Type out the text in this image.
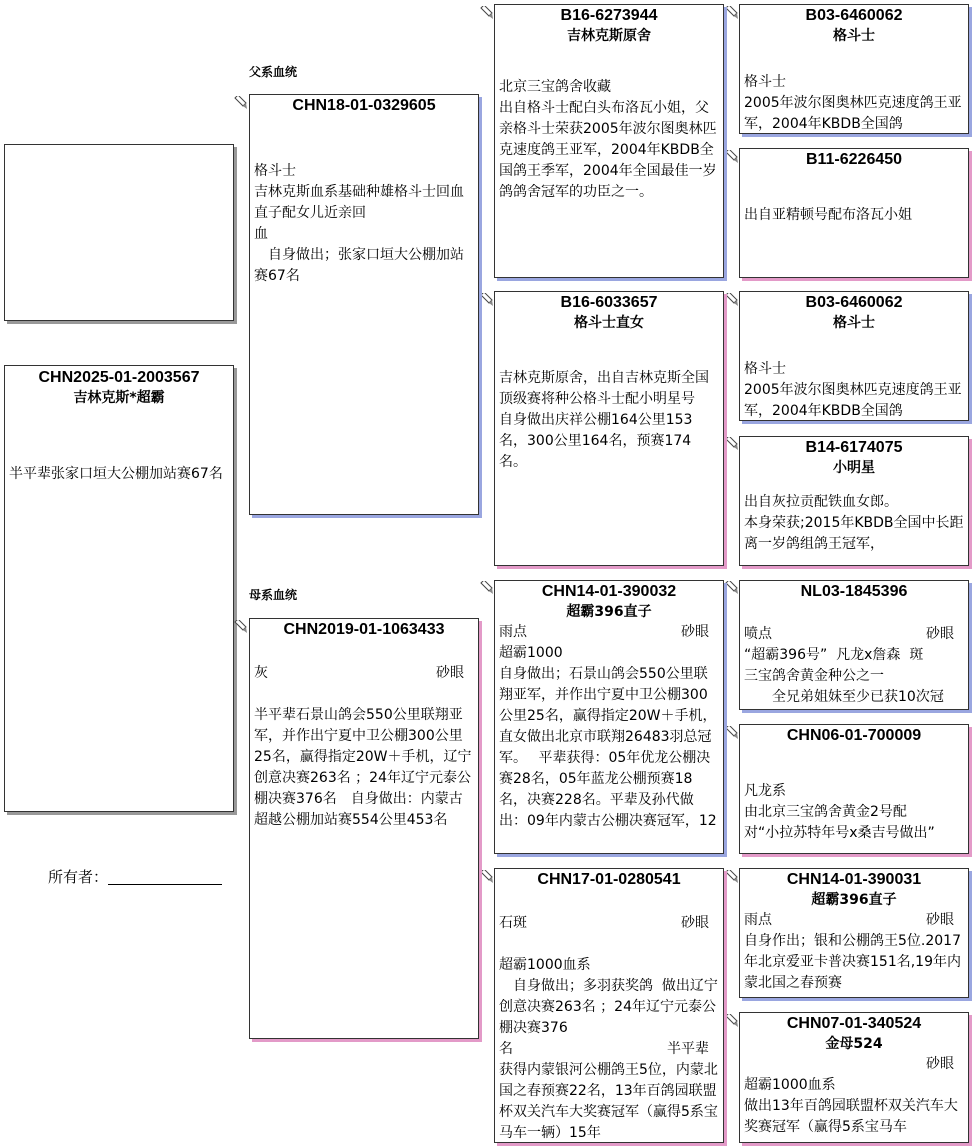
CHN2025-01-2003567
吉林克斯*超霸
半平辈张家口垣大公棚加站赛67名
所有者：
父系血统
母系血统
CHN18-01-0329605
格斗士
吉林克斯血系基础种雄格斗士回血直子配女儿近亲回
血
　自身做出；张家口垣大公棚加站赛67名
CHN2019-01-1063433
灰	砂眼
半平辈石景山鸽会550公里联翔亚军，并作出宁夏中卫公棚300公里25名，赢得指定20W＋手机，辽宁创意决赛263名 ；24年辽宁元泰公棚决赛376名　自身做出：内蒙古超越公棚加站赛554公里453名
B16-6273944
吉林克斯原舍
北京三宝鸽舍收藏
出自格斗士配白头布洛瓦小姐，父亲格斗士荣获2005年波尔图奥林匹克速度鸽王亚军，2004年KBDB全国鸽王季军，2004年全国最佳一岁鸽鸽舍冠军的功臣之一。
B16-6033657
格斗士直女
吉林克斯原舍，出自吉林克斯全国顶级赛将种公格斗士配小明星号
自身做出庆祥公棚164公里153名，300公里164名，预赛174名。
CHN14-01-390032
超霸396直子
雨点	砂眼
超霸1000
自身做出；石景山鸽会550公里联翔亚军，并作出宁夏中卫公棚300公里25名，赢得指定20W＋手机，直女做出北京市联翔26483羽总冠军。　 平辈获得：05年优龙公棚决赛28名，05年蓝龙公棚预赛18名，决赛228名。平辈及孙代做出：09年内蒙古公棚决赛冠军，12
CHN17-01-0280541
石斑	砂眼
超霸1000血系
　自身做出；多羽获奖鸽  做出辽宁创意决赛263名 ；24年辽宁元泰公棚决赛376
名	半平辈
获得内蒙银河公棚鸽王5位，内蒙北国之春预赛22名，13年百鸽园联盟杯双关汽车大奖赛冠军（赢得5系宝马车一辆）15年
B03-6460062
格斗士
格斗士
2005年波尔图奥林匹克速度鸽王亚军，2004年KBDB全国鸽
B11-6226450
出自亚精顿号配布洛瓦小姐
B03-6460062
格斗士
格斗士
2005年波尔图奥林匹克速度鸽王亚军，2004年KBDB全国鸽
B14-6174075
小明星
出自灰拉贡配铁血女郎。
本身荣获;2015年KBDB全国中长距离一岁鸽组鸽王冠军，
NL03-1845396
喷点	砂眼
“超霸396号”  凡龙x詹森  斑
三宝鸽舍黄金种公之一
　　全兄弟姐妹至少已获10次冠
CHN06-01-700009
凡龙系
由北京三宝鸽舍黄金2号配
对“小拉苏特年号x桑吉号做出”
CHN14-01-390031
超霸396直子
雨点	砂眼
自身作出；银和公棚鸽王5位.2017年北京爱亚卡普决赛151名,19年内蒙北国之春预赛
CHN07-01-340524
金母524
砂眼
超霸1000血系
做出13年百鸽园联盟杯双关汽车大奖赛冠军（赢得5系宝马车
